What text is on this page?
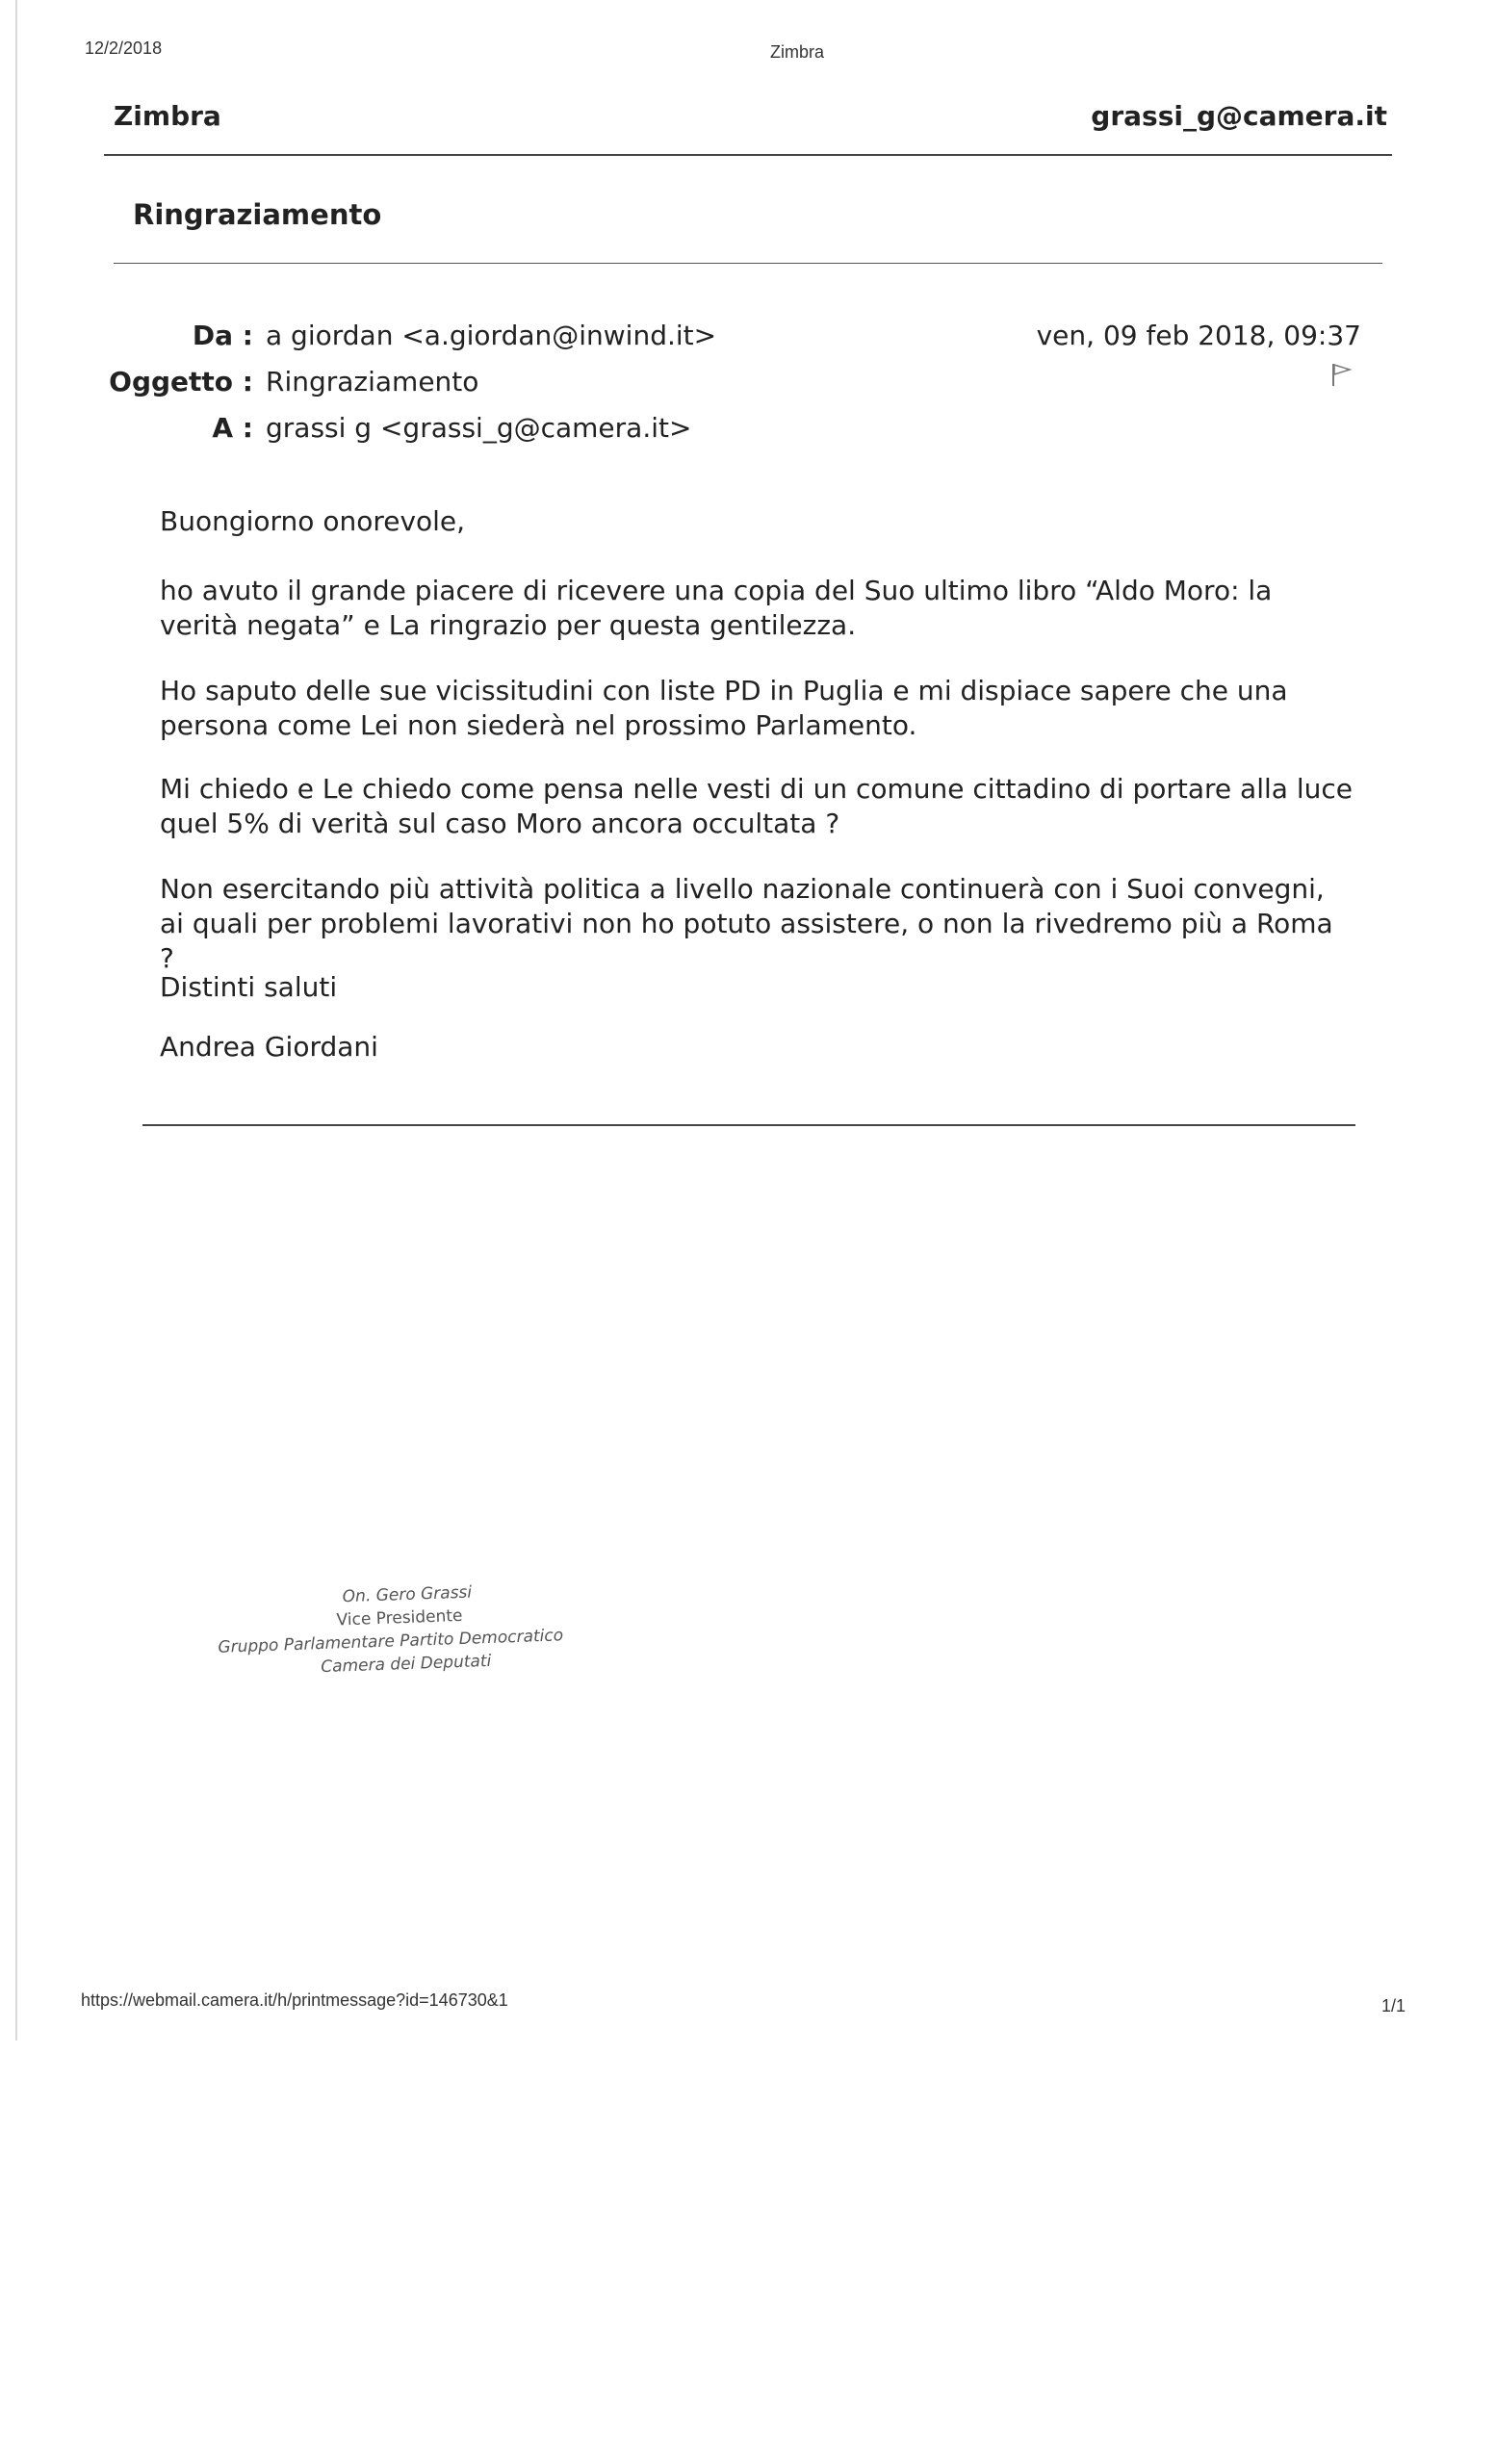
12/2/2018	Zimbra
Zimbra	grassi_g@camera.it
Ringraziamento
Da : a giordan <a.giordan@inwind.it>	ven, 09 feb 2018, 09:37
Oggetto : Ringraziamento
A : grassi g <grassi_g@camera.it>
Buongiorno onorevole,
ho avuto il grande piacere di ricevere una copia del Suo ultimo libro “Aldo Moro: la verità negata” e La ringrazio per questa gentilezza.
Ho saputo delle sue vicissitudini con liste PD in Puglia e mi dispiace sapere che una persona come Lei non siederà nel prossimo Parlamento.
Mi chiedo e Le chiedo come pensa nelle vesti di un comune cittadino di portare alla luce quel 5% di verità sul caso Moro ancora occultata ?
Non esercitando più attività politica a livello nazionale continuerà con i Suoi convegni, ai quali per problemi lavorativi non ho potuto assistere, o non la rivedremo più a Roma ?
Distinti saluti
Andrea Giordani
On. Gero Grassi
Vice Presidente
Gruppo Parlamentare Partito Democratico
Camera dei Deputati
https://webmail.camera.it/h/printmessage?id=146730&1	1/1
